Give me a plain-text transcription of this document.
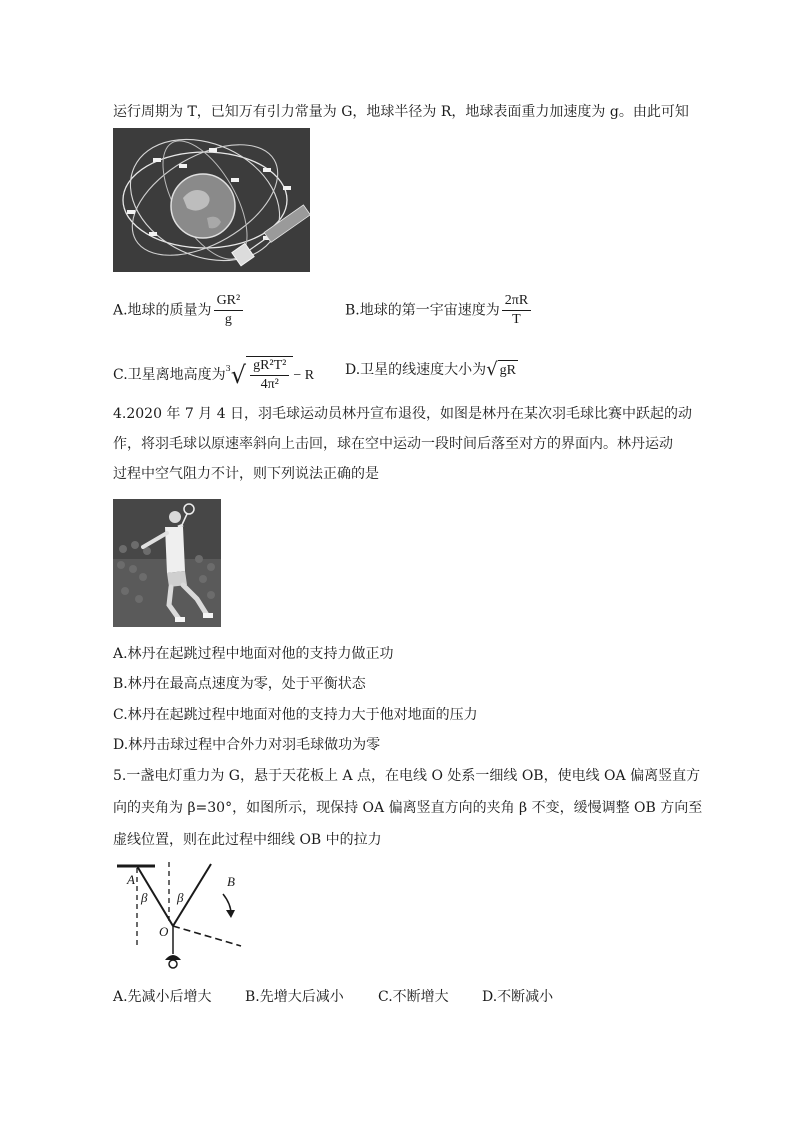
运行周期为 T，已知万有引力常量为 G，地球半径为 R，地球表面重力加速度为 g。由此可知
A.地球的质量为 $\frac{\text{GR²}}{g}$	B.地球的第一宇宙速度为 $\frac{2\pi R}{T}$
C.卫星离地高度为$^3$ √ $\frac{\text{gR²T²}}{\text{4π²}} - R$ D.卫星的线速度大小为 √ gR
4.2020 年 7 月 4 日，羽毛球运动员林丹宣布退役，如图是林丹在某次羽毛球比赛中跃起的动
作，将羽毛球以原速率斜向上击回，球在空中运动一段时间后落至对方的界面内。林丹运动
过程中空气阻力不计，则下列说法正确的是
A.林丹在起跳过程中地面对他的支持力做正功
B.林丹在最高点速度为零，处于平衡状态
C.林丹在起跳过程中地面对他的支持力大于他对地面的压力
D.林丹击球过程中合外力对羽毛球做功为零
5.一盏电灯重力为 G，悬于天花板上 A 点，在电线 O 处系一细线 OB，使电线 OA 偏离竖直方
向的夹角为 β=30°，如图所示，现保持 OA 偏离竖直方向的夹角 β 不变，缓慢调整 OB 方向至
虚线位置，则在此过程中细线 OB 中的拉力
A
β β
O
B
A.先减小后增大 B.先增大后减小 C.不断增大 D.不断减小
